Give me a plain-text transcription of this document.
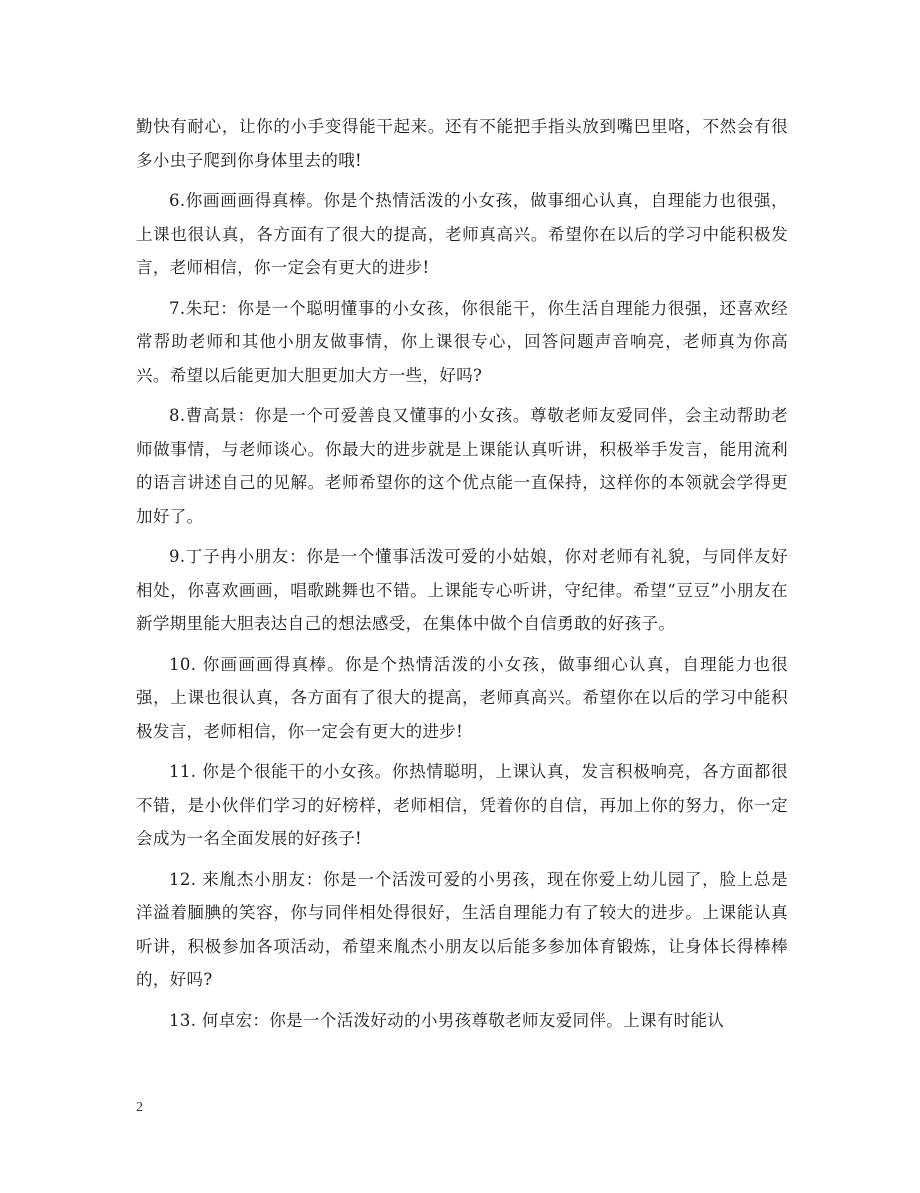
勤快有耐心，让你的小手变得能干起来。还有不能把手指头放到嘴巴里咯，不然会有很多小虫子爬到你身体里去的哦!

6.你画画画得真棒。你是个热情活泼的小女孩，做事细心认真，自理能力也很强，上课也很认真，各方面有了很大的提高，老师真高兴。希望你在以后的学习中能积极发言，老师相信，你一定会有更大的进步!

7.朱玘：你是一个聪明懂事的小女孩，你很能干，你生活自理能力很强，还喜欢经常帮助老师和其他小朋友做事情，你上课很专心，回答问题声音响亮，老师真为你高兴。希望以后能更加大胆更加大方一些，好吗?

8.曹高景：你是一个可爱善良又懂事的小女孩。尊敬老师友爱同伴，会主动帮助老师做事情，与老师谈心。你最大的进步就是上课能认真听讲，积极举手发言，能用流利的语言讲述自己的见解。老师希望你的这个优点能一直保持，这样你的本领就会学得更加好了。

9.丁子冉小朋友：你是一个懂事活泼可爱的小姑娘，你对老师有礼貌，与同伴友好相处，你喜欢画画，唱歌跳舞也不错。上课能专心听讲，守纪律。希望“豆豆”小朋友在新学期里能大胆表达自己的想法感受，在集体中做个自信勇敢的好孩子。

10. 你画画画得真棒。你是个热情活泼的小女孩，做事细心认真，自理能力也很强，上课也很认真，各方面有了很大的提高，老师真高兴。希望你在以后的学习中能积极发言，老师相信，你一定会有更大的进步!

11. 你是个很能干的小女孩。你热情聪明，上课认真，发言积极响亮，各方面都很不错，是小伙伴们学习的好榜样，老师相信，凭着你的自信，再加上你的努力，你一定会成为一名全面发展的好孩子!

12. 来胤杰小朋友：你是一个活泼可爱的小男孩，现在你爱上幼儿园了，脸上总是洋溢着腼腆的笑容，你与同伴相处得很好，生活自理能力有了较大的进步。上课能认真听讲，积极参加各项活动，希望来胤杰小朋友以后能多参加体育锻炼，让身体长得棒棒的，好吗?

13. 何卓宏：你是一个活泼好动的小男孩尊敬老师友爱同伴。上课有时能认

2
